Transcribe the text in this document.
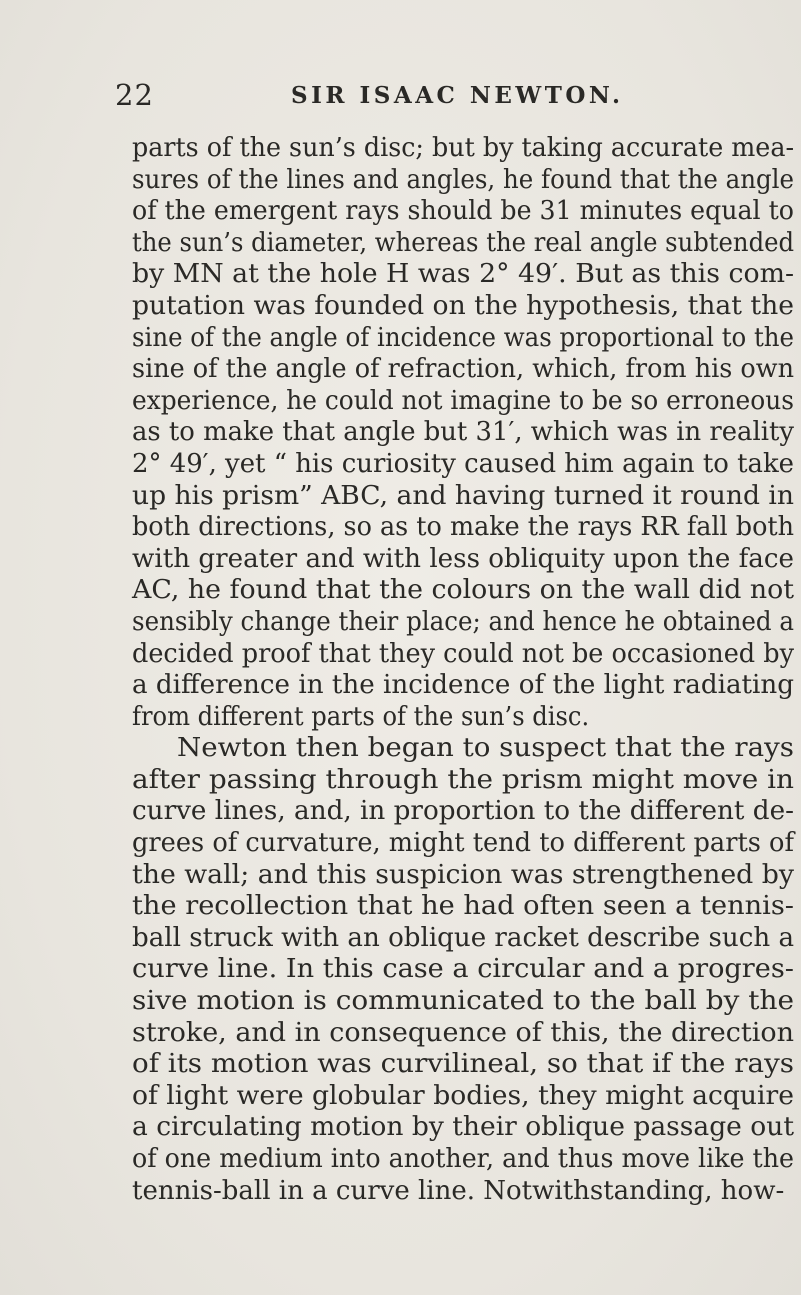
22	SIR ISAAC NEWTON.
parts of the sun’s disc; but by taking accurate mea-
sures of the lines and angles, he found that the angle
of the emergent rays should be 31 minutes equal to
the sun’s diameter, whereas the real angle subtended
by MN at the hole H was 2° 49′. But as this com-
putation was founded on the hypothesis, that the
sine of the angle of incidence was proportional to the
sine of the angle of refraction, which, from his own
experience, he could not imagine to be so erroneous
as to make that angle but 31′, which was in reality
2° 49′, yet “ his curiosity caused him again to take
up his prism” ABC, and having turned it round in
both directions, so as to make the rays RR fall both
with greater and with less obliquity upon the face
AC, he found that the colours on the wall did not
sensibly change their place; and hence he obtained a
decided proof that they could not be occasioned by
a difference in the incidence of the light radiating
from different parts of the sun’s disc.
Newton then began to suspect that the rays
after passing through the prism might move in
curve lines, and, in proportion to the different de-
grees of curvature, might tend to different parts of
the wall; and this suspicion was strengthened by
the recollection that he had often seen a tennis-
ball struck with an oblique racket describe such a
curve line. In this case a circular and a progres-
sive motion is communicated to the ball by the
stroke, and in consequence of this, the direction
of its motion was curvilineal, so that if the rays
of light were globular bodies, they might acquire
a circulating motion by their oblique passage out
of one medium into another, and thus move like the
tennis-ball in a curve line. Notwithstanding, how-
